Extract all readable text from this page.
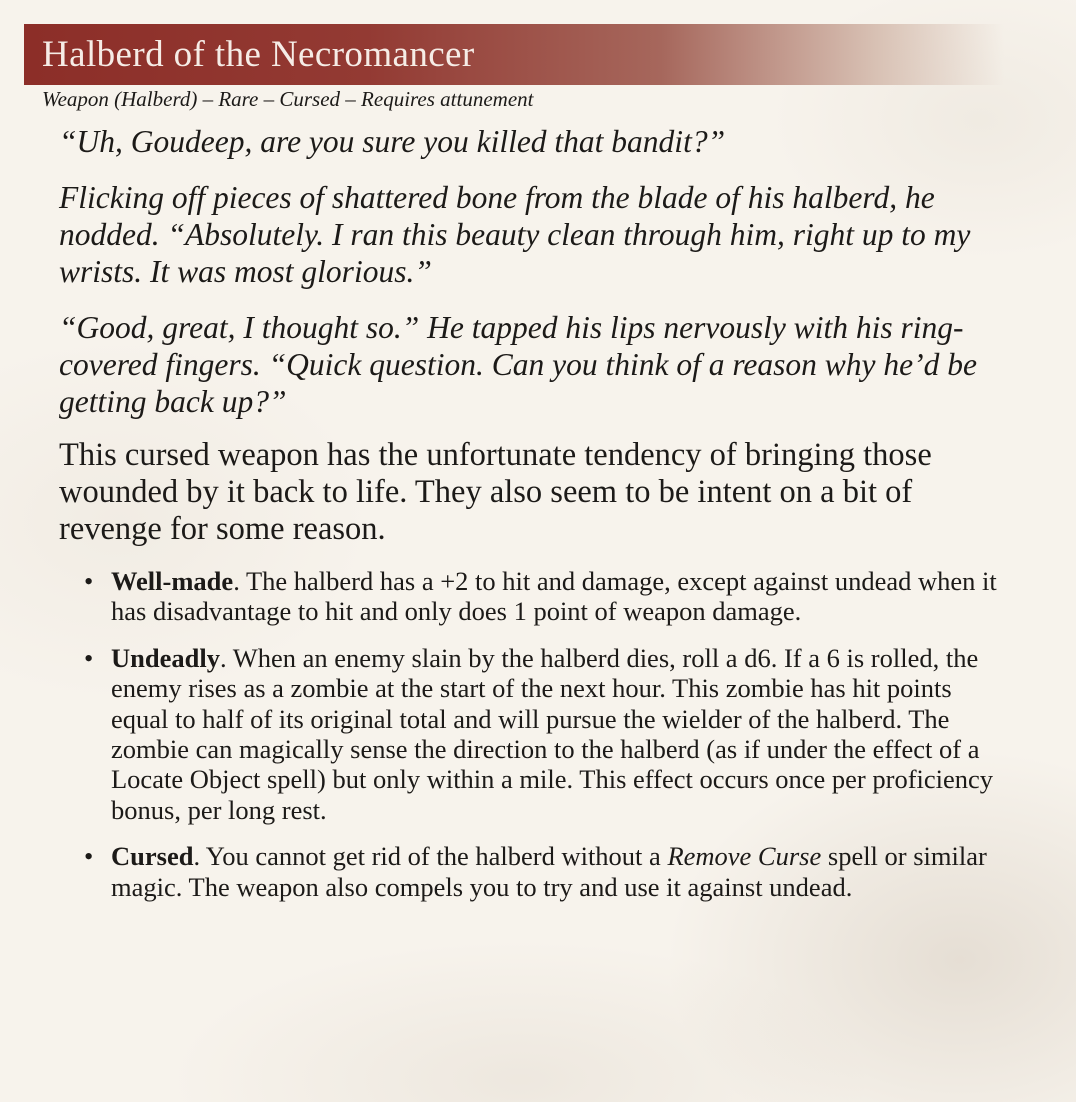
Halberd of the Necromancer
Weapon (Halberd) – Rare – Cursed – Requires attunement

“Uh, Goudeep, are you sure you killed that bandit?”

Flicking off pieces of shattered bone from the blade of his halberd, he nodded. “Absolutely. I ran this beauty clean through him, right up to my wrists. It was most glorious.”

“Good, great, I thought so.” He tapped his lips nervously with his ring-covered fingers. “Quick question. Can you think of a reason why he’d be getting back up?”

This cursed weapon has the unfortunate tendency of bringing those wounded by it back to life. They also seem to be intent on a bit of revenge for some reason.

• Well-made. The halberd has a +2 to hit and damage, except against undead when it has disadvantage to hit and only does 1 point of weapon damage.
• Undeadly. When an enemy slain by the halberd dies, roll a d6. If a 6 is rolled, the enemy rises as a zombie at the start of the next hour. This zombie has hit points equal to half of its original total and will pursue the wielder of the halberd. The zombie can magically sense the direction to the halberd (as if under the effect of a Locate Object spell) but only within a mile. This effect occurs once per proficiency bonus, per long rest.
• Cursed. You cannot get rid of the halberd without a Remove Curse spell or similar magic. The weapon also compels you to try and use it against undead.
